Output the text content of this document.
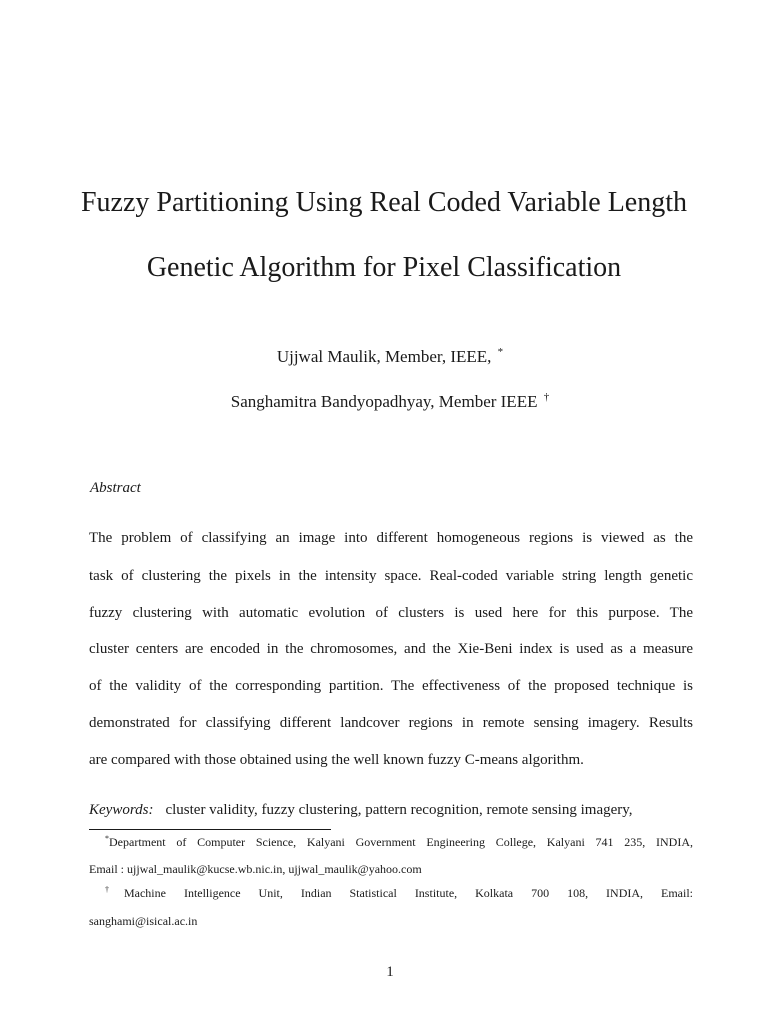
Fuzzy Partitioning Using Real Coded Variable Length
Genetic Algorithm for Pixel Classification
Ujjwal Maulik, Member, IEEE, *
Sanghamitra Bandyopadhyay, Member IEEE †
Abstract
The problem of classifying an image into different homogeneous regions is viewed as the
task of clustering the pixels in the intensity space. Real-coded variable string length genetic
fuzzy clustering with automatic evolution of clusters is used here for this purpose. The
cluster centers are encoded in the chromosomes, and the Xie-Beni index is used as a measure
of the validity of the corresponding partition. The effectiveness of the proposed technique is
demonstrated for classifying different landcover regions in remote sensing imagery. Results
are compared with those obtained using the well known fuzzy C-means algorithm.
Keywords: cluster validity, fuzzy clustering, pattern recognition, remote sensing imagery,
*Department of Computer Science, Kalyani Government Engineering College, Kalyani 741 235, INDIA,
Email : ujjwal_maulik@kucse.wb.nic.in, ujjwal_maulik@yahoo.com
†Machine Intelligence Unit, Indian Statistical Institute, Kolkata 700 108, INDIA, Email:
sanghami@isical.ac.in
1
